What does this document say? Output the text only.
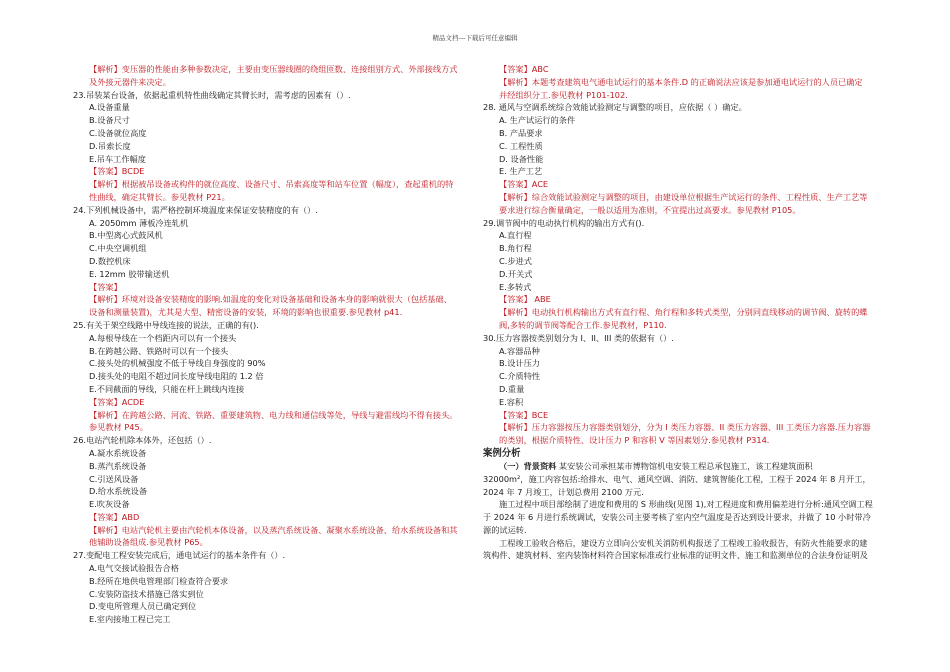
精品文档---下载后可任意编辑
【解析】变压器的性能由多种参数决定，主要由变压器线圈的绕组匝数、连接组别方式、外部接线方式
及外接元器件来决定。
23.吊装某台设备，依据起重机特性曲线确定其臂长时，需考虑的因素有（）.
A.设备重量
B.设备尺寸
C.设备就位高度
D.吊索长度
E.吊车工作幅度
【答案】BCDE
【解析】根据被吊设备或构件的就位高度、设备尺寸、吊索高度等和站车位置（幅度），查起重机的特
性曲线，确定其臂长。参见教材 P21。
24.下列机械设备中，需严格控制环境温度来保证安装精度的有（）.
A. 2050mm 薄板冷连轧机
B.中型离心式鼓风机
C.中央空调机组
D.数控机床
E. 12mm 胶带输送机
【答案】
【解析】环境对设备安装精度的影响.如温度的变化对设备基础和设备本身的影响就很大（包括基础、
设备和测量装置)，尤其是大型、精密设备的安装，环境的影响也很重要.参见教材 p41.
25.有关于架空线路中导线连接的说法，正确的有().
A.每根导线在一个档距内可以有一个接头
B.在跨越公路、铁路时可以有一个接头
C.接头处的机械强度不低于导线自身强度的 90%
D.接头处的电阻不超过同长度导线电阻的 1.2 倍
E.不同截面的导线，只能在杆上跳线内连接
【答案】ACDE
【解析】在跨越公路、河流、铁路、重要建筑物、电力线和通信线等处，导线与避雷线均不得有接头。
参见教材 P45。
26.电站汽轮机除本体外，还包括（）.
A.凝水系统设备
B.蒸汽系统设备
C.引送风设备
D.给水系统设备
E.吹灰设备
【答案】ABD
【解析】电站汽轮机主要由汽轮机本体设备，以及蒸汽系统设备、凝聚水系统设备、给水系统设备和其
他辅助设备组成.参见教材 P65。
27.变配电工程安装完成后，通电试运行的基本条件有（）.
A.电气交接试验报告合格
B.经所在地供电管理部门检查符合要求
C.安装防盗技术措施已落实到位
D.变电所管理人员已确定到位
E.室内接地工程已完工
【答案】ABC
【解析】本题考查建筑电气通电试运行的基本条件.D 的正确说法应该是参加通电试运行的人员已确定
并经组织分工.参见教材 P101-102.
28. 通风与空调系统综合效能试验测定与调整的项目，应依据（ ）确定。
A. 生产试运行的条件
B. 产品要求
C. 工程性质
D. 设备性能
E. 生产工艺
【答案】ACE
【解析】综合效能试验测定与调整的项目，由建设单位根据生产试运行的条件、工程性质、生产工艺等
要求进行综合衡量确定，一般以适用为准则，不宜提出过高要求。参见教材 P105。
29.调节阀中的电动执行机构的输出方式有().
A.直行程
B.角行程
C.步进式
D.开关式
E.多转式
【答案】 ABE
【解析】电动执行机构输出方式有直行程、角行程和多转式类型，分别同直线移动的调节阀、旋转的蝶
阀,多转的调节阀等配合工作.参见教材，P110.
30.压力容器按类别划分为 I、II、III 类的依据有（）.
A.容器品种
B.设计压力
C.介质特性
D.重量
E.容积
【答案】BCE
【解析】压力容器按压力容器类别划分，分为 I 类压力容器、II 类压力容器、III 工类压力容器.压力容器
的类别，根据介质特性、设计压力 P 和容积 V 等因素划分.参见教材 P314.
案例分析
（一）背景资料 某安装公司承担某市博物馆机电安装工程总承包施工，该工程建筑面积
32000m²，施工内容包括:给排水、电气、通风空调、消防、建筑智能化工程，工程于 2024 年 8 月开工，
2024 年 7 月竣工，计划总费用 2100 万元.
施工过程中项目部绘制了进度和费用的 S 形曲线(见图 1),对工程进度和费用偏差进行分析:通风空调工程
于 2024 年 6 月进行系统调试，安装公司主要考核了室内空气温度是否达到设计要求，并做了 10 小时带冷
源的试运转.
工程竣工验收合格后，建设方立即向公安机关消防机构报送了工程竣工验收报告，有防火性能要求的建
筑构件、建筑材料、室内装饰材料符合国家标准或行业标准的证明文件、施工和监测单位的合法身份证明及
